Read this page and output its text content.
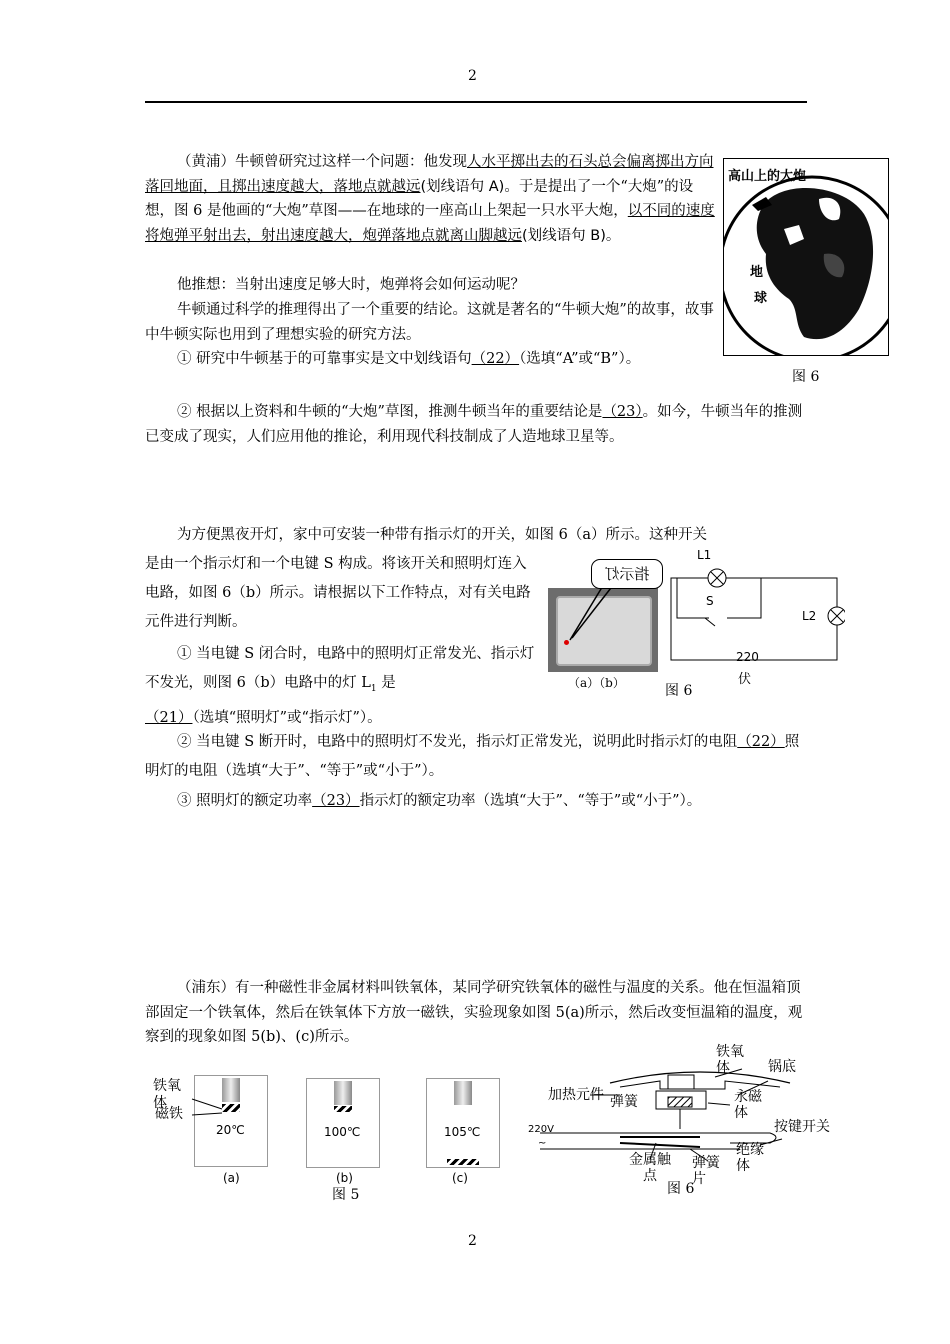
2
（黄浦）牛顿曾研究过这样一个问题：他发现人水平掷出去的石头总会偏离掷出方向落回地面，且掷出速度越大，落地点就越远(划线语句 A)。于是提出了一个“大炮”的设想，图 6 是他画的“大炮”草图——在地球的一座高山上架起一只水平大炮，以不同的速度将炮弹平射出去，射出速度越大，炮弹落地点就离山脚越远(划线语句 B)。
他推想：当射出速度足够大时，炮弹将会如何运动呢？
牛顿通过科学的推理得出了一个重要的结论。这就是著名的“牛顿大炮”的故事，故事中牛顿实际也用到了理想实验的研究方法。
① 研究中牛顿基于的可靠事实是文中划线语句（22）（选填“A”或“B”）。
② 根据以上资料和牛顿的“大炮”草图，推测牛顿当年的重要结论是（23）。如今，牛顿当年的推测已变成了现实，人们应用他的推论，利用现代科技制成了人造地球卫星等。
高山上的大炮
地
球
图 6
为方便黑夜开灯，家中可安装一种带有指示灯的开关，如图 6（a）所示。这种开关
是由一个指示灯和一个电键 S 构成。将该开关和照明灯连入电路，如图 6（b）所示。请根据以下工作特点，对有关电路元件进行判断。
① 当电键 S 闭合时，电路中的照明灯正常发光、指示灯不发光，则图 6（b）电路中的灯 $L_1$ 是
（21）（选填“照明灯”或“指示灯”）。
② 当电键 S 断开时，电路中的照明灯不发光，指示灯正常发光，说明此时指示灯的电阻（22）照明灯的电阻（选填“大于”、“等于”或“小于”）。
③ 照明灯的额定功率（23）指示灯的额定功率（选填“大于”、“等于”或“小于”）。
指示灯
（a）（b）	图 6
L1
L2
S
220
伏
（浦东）有一种磁性非金属材料叫铁氧体，某同学研究铁氧体的磁性与温度的关系。他在恒温箱顶部固定一个铁氧体，然后在铁氧体下方放一磁铁，实验现象如图 5(a)所示，然后改变恒温箱的温度，观察到的现象如图 5(b)、(c)所示。
20℃	100℃	105℃
铁氧体
磁铁
(a)	(b)	(c)
图 5
铁氧体	锅底
加热元件 弹簧	永磁体
220V
~
按键开关
绝缘体
金属触点
弹簧片
图 6
2
